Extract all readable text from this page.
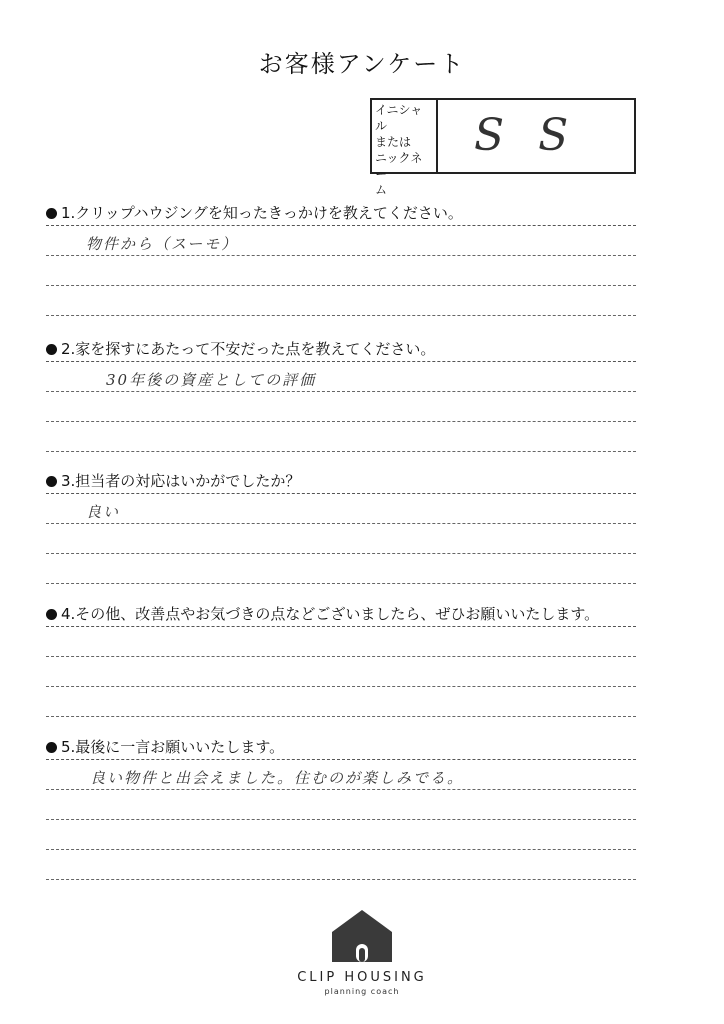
お客様アンケート
イニシャル
または
ニックネー
ム
S S
1.クリップハウジングを知ったきっかけを教えてください。
物件から（スーモ）
2.家を探すにあたって不安だった点を教えてください。
30年後の資産としての評価
3.担当者の対応はいかがでしたか？
良い
4.その他、改善点やお気づきの点などございましたら、ぜひお願いいたします。
5.最後に一言お願いいたします。
良い物件と出会えました。住むのが楽しみでる。
CLIP HOUSING
planning coach
